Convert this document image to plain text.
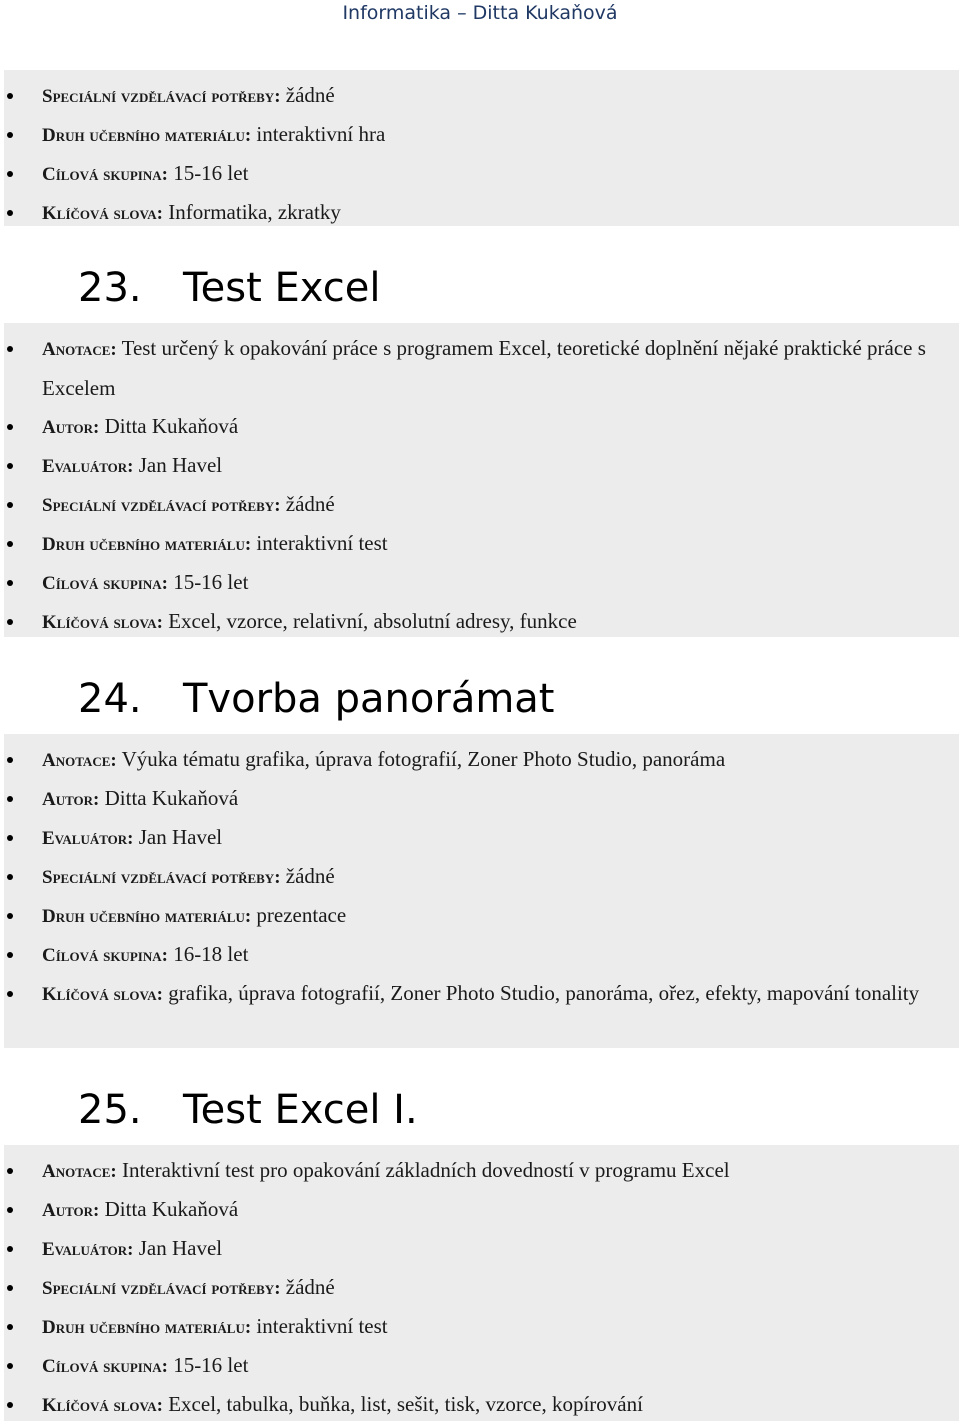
Informatika – Ditta Kukaňová
Speciální vzdělávací potřeby: žádné
Druh učebního materiálu: interaktivní hra
Cílová skupina: 15-16 let
Klíčová slova: Informatika, zkratky
23. Test Excel
Anotace: Test určený k opakování práce s programem Excel, teoretické doplnění nějaké praktické práce s Excelem
Autor: Ditta Kukaňová
Evaluátor: Jan Havel
Speciální vzdělávací potřeby: žádné
Druh učebního materiálu: interaktivní test
Cílová skupina: 15-16 let
Klíčová slova: Excel, vzorce, relativní, absolutní adresy, funkce
24. Tvorba panorámat
Anotace: Výuka tématu grafika, úprava fotografií, Zoner Photo Studio, panoráma
Autor: Ditta Kukaňová
Evaluátor: Jan Havel
Speciální vzdělávací potřeby: žádné
Druh učebního materiálu: prezentace
Cílová skupina: 16-18 let
Klíčová slova: grafika, úprava fotografií, Zoner Photo Studio, panoráma, ořez, efekty, mapování tonality
25. Test Excel I.
Anotace: Interaktivní test pro opakování základních dovedností v programu Excel
Autor: Ditta Kukaňová
Evaluátor: Jan Havel
Speciální vzdělávací potřeby: žádné
Druh učebního materiálu: interaktivní test
Cílová skupina: 15-16 let
Klíčová slova: Excel, tabulka, buňka, list, sešit, tisk, vzorce, kopírování
